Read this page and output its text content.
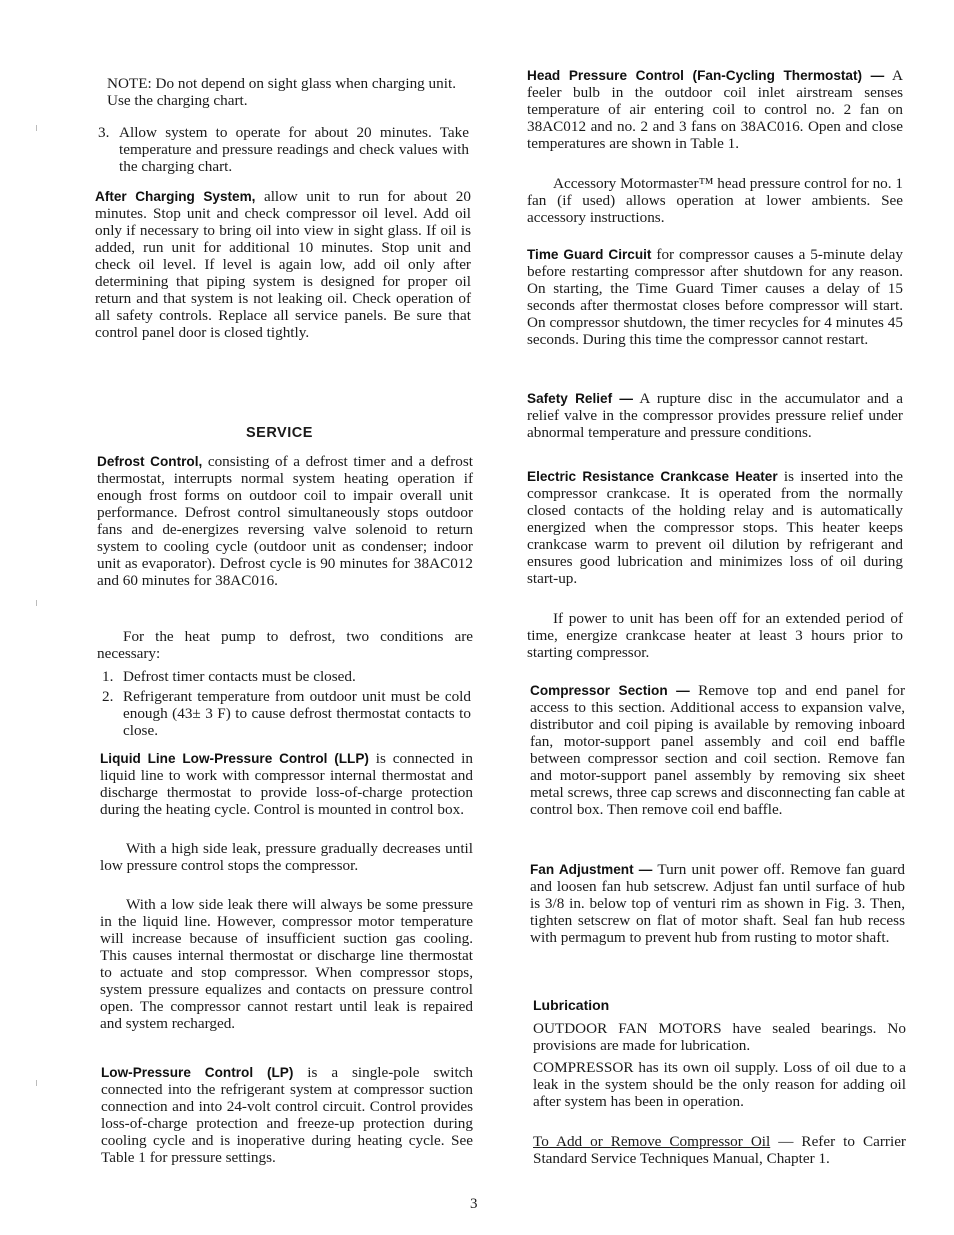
NOTE: Do not depend on sight glass when charging unit. Use the charging chart.
3. Allow system to operate for about 20 minutes. Take temperature and pressure readings and check values with the charging chart.

After Charging System, allow unit to run for about 20 minutes. Stop unit and check compressor oil level. Add oil only if necessary to bring oil into view in sight glass. If oil is added, run unit for additional 10 minutes. Stop unit and check oil level. If level is again low, add oil only after determining that piping system is designed for proper oil return and that system is not leaking oil. Check operation of all safety controls. Replace all service panels. Be sure that control panel door is closed tightly.

SERVICE

Defrost Control, consisting of a defrost timer and a defrost thermostat, interrupts normal system heating operation if enough frost forms on outdoor coil to impair overall unit performance. Defrost control simultaneously stops outdoor fans and de-energizes reversing valve solenoid to return system to cooling cycle (outdoor unit as condenser; indoor unit as evaporator). Defrost cycle is 90 minutes for 38AC012 and 60 minutes for 38AC016.

For the heat pump to defrost, two conditions are necessary:

1. Defrost timer contacts must be closed.
2. Refrigerant temperature from outdoor unit must be cold enough (43± 3 F) to cause defrost thermostat contacts to close.

Liquid Line Low-Pressure Control (LLP) is connected in liquid line to work with compressor internal thermostat and discharge thermostat to provide loss-of-charge protection during the heating cycle. Control is mounted in control box.

With a high side leak, pressure gradually decreases until low pressure control stops the compressor.

With a low side leak there will always be some pressure in the liquid line. However, compressor motor temperature will increase because of insufficient suction gas cooling. This causes internal thermostat or discharge line thermostat to actuate and stop compressor. When compressor stops, system pressure equalizes and contacts on pressure control open. The compressor cannot restart until leak is repaired and system recharged.

Low-Pressure Control (LP) is a single-pole switch connected into the refrigerant system at compressor suction connection and into 24-volt control circuit. Control provides loss-of-charge protection and freeze-up protection during cooling cycle and is inoperative during heating cycle. See Table 1 for pressure settings.

Head Pressure Control (Fan-Cycling Thermostat) — A feeler bulb in the outdoor coil inlet airstream senses temperature of air entering coil to control no. 2 fan on 38AC012 and no. 2 and 3 fans on 38AC016. Open and close temperatures are shown in Table 1.

Accessory Motormaster™ head pressure control for no. 1 fan (if used) allows operation at lower ambients. See accessory instructions.

Time Guard Circuit for compressor causes a 5-minute delay before restarting compressor after shutdown for any reason. On starting, the Time Guard Timer causes a delay of 15 seconds after thermostat closes before compressor will start. On compressor shutdown, the timer recycles for 4 minutes 45 seconds. During this time the compressor cannot restart.

Safety Relief — A rupture disc in the accumulator and a relief valve in the compressor provides pressure relief under abnormal temperature and pressure conditions.

Electric Resistance Crankcase Heater is inserted into the compressor crankcase. It is operated from the normally closed contacts of the holding relay and is automatically energized when the compressor stops. This heater keeps crankcase warm to prevent oil dilution by refrigerant and ensures good lubrication and minimizes loss of oil during start-up.

If power to unit has been off for an extended period of time, energize crankcase heater at least 3 hours prior to starting compressor.

Compressor Section — Remove top and end panel for access to this section. Additional access to expansion valve, distributor and coil piping is available by removing inboard fan, motor-support panel assembly and coil end baffle between compressor section and coil section. Remove fan and motor-support panel assembly by removing six sheet metal screws, three cap screws and disconnecting fan cable at control box. Then remove coil end baffle.

Fan Adjustment — Turn unit power off. Remove fan guard and loosen fan hub setscrew. Adjust fan until surface of hub is 3/8 in. below top of venturi rim as shown in Fig. 3. Then, tighten setscrew on flat of motor shaft. Seal fan hub recess with permagum to prevent hub from rusting to motor shaft.

Lubrication

OUTDOOR FAN MOTORS have sealed bearings. No provisions are made for lubrication.

COMPRESSOR has its own oil supply. Loss of oil due to a leak in the system should be the only reason for adding oil after system has been in operation.

To Add or Remove Compressor Oil — Refer to Carrier Standard Service Techniques Manual, Chapter 1.

3
